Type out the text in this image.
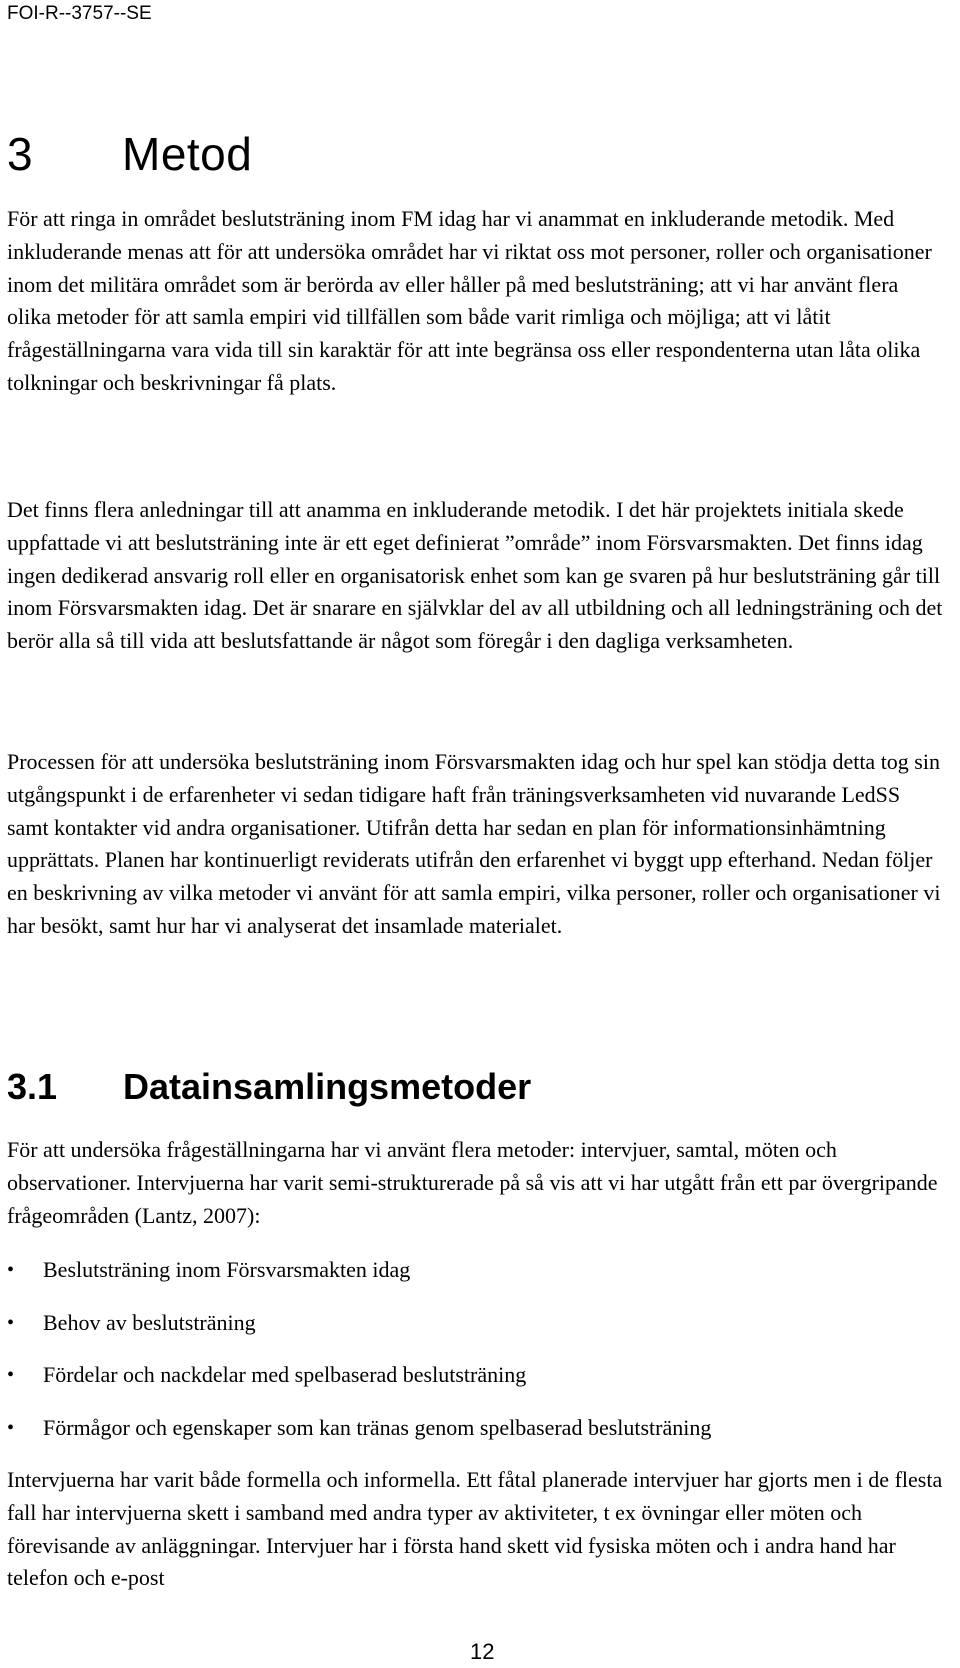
FOI-R--3757--SE
3 Metod

För att ringa in området beslutsträning inom FM idag har vi anammat en inkluderande metodik. Med inkluderande menas att för att undersöka området har vi riktat oss mot personer, roller och organisationer inom det militära området som är berörda av eller håller på med beslutsträning; att vi har använt flera olika metoder för att samla empiri vid tillfällen som både varit rimliga och möjliga; att vi låtit frågeställningarna vara vida till sin karaktär för att inte begränsa oss eller respondenterna utan låta olika tolkningar och beskrivningar få plats.

Det finns flera anledningar till att anamma en inkluderande metodik. I det här projektets initiala skede uppfattade vi att beslutsträning inte är ett eget definierat ”område” inom Försvarsmakten. Det finns idag ingen dedikerad ansvarig roll eller en organisatorisk enhet som kan ge svaren på hur beslutsträning går till inom Försvarsmakten idag. Det är snarare en självklar del av all utbildning och all ledningsträning och det berör alla så till vida att beslutsfattande är något som föregår i den dagliga verksamheten.

Processen för att undersöka beslutsträning inom Försvarsmakten idag och hur spel kan stödja detta tog sin utgångspunkt i de erfarenheter vi sedan tidigare haft från träningsverksamheten vid nuvarande LedSS samt kontakter vid andra organisationer. Utifrån detta har sedan en plan för informationsinhämtning upprättats. Planen har kontinuerligt reviderats utifrån den erfarenhet vi byggt upp efterhand. Nedan följer en beskrivning av vilka metoder vi använt för att samla empiri, vilka personer, roller och organisationer vi har besökt, samt hur har vi analyserat det insamlade materialet.

3.1 Datainsamlingsmetoder

För att undersöka frågeställningarna har vi använt flera metoder: intervjuer, samtal, möten och observationer. Intervjuerna har varit semi-strukturerade på så vis att vi har utgått från ett par övergripande frågeområden (Lantz, 2007):

•	Beslutsträning inom Försvarsmakten idag
•	Behov av beslutsträning
•	Fördelar och nackdelar med spelbaserad beslutsträning
•	Förmågor och egenskaper som kan tränas genom spelbaserad beslutsträning

Intervjuerna har varit både formella och informella. Ett fåtal planerade intervjuer har gjorts men i de flesta fall har intervjuerna skett i samband med andra typer av aktiviteter, t ex övningar eller möten och förevisande av anläggningar. Intervjuer har i första hand skett vid fysiska möten och i andra hand har telefon och e-post

12
